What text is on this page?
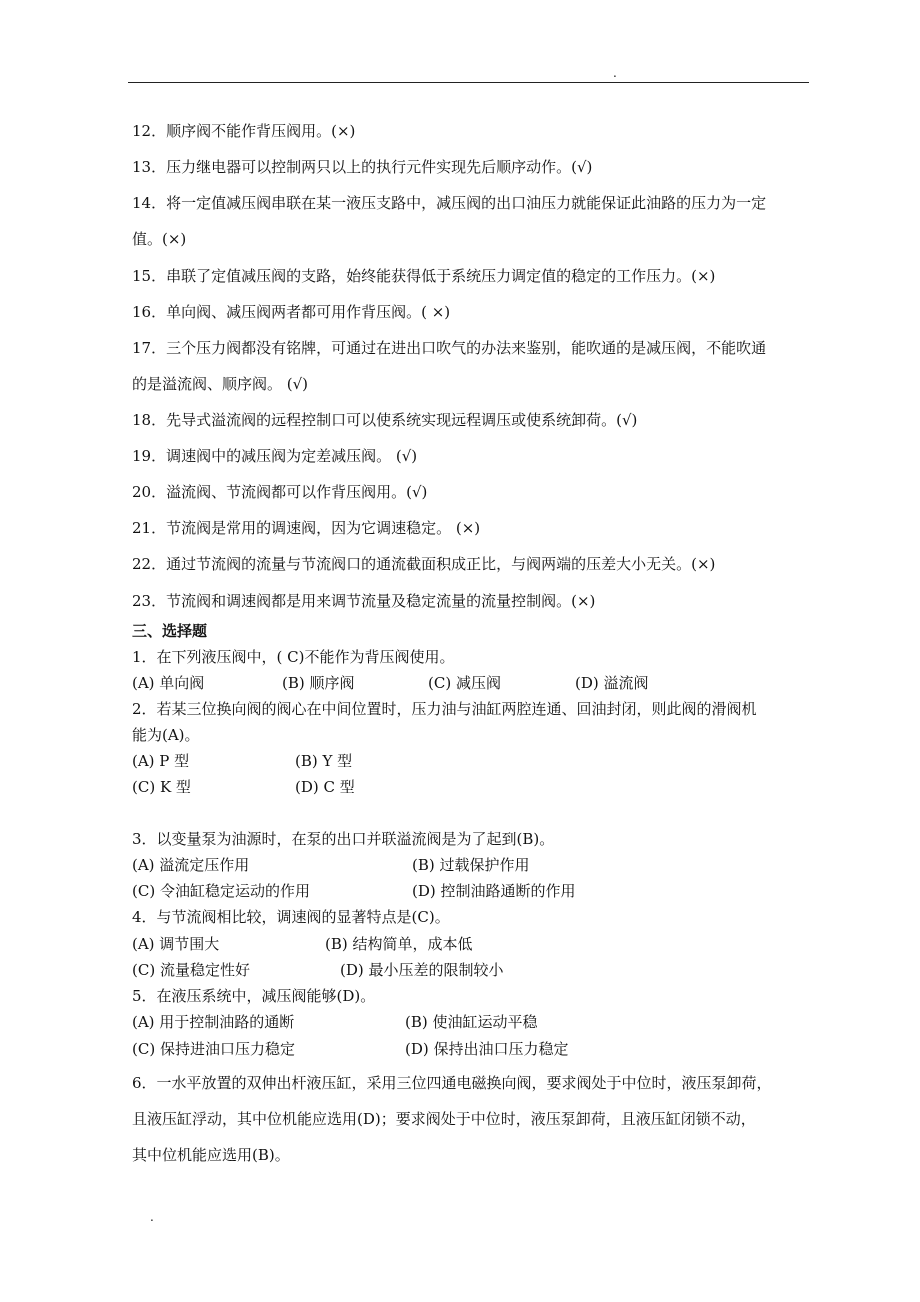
.
12．顺序阀不能作背压阀用。(×)
13．压力继电器可以控制两只以上的执行元件实现先后顺序动作。(√)
14．将一定值减压阀串联在某一液压支路中，减压阀的出口油压力就能保证此油路的压力为一定
值。(×)
15．串联了定值减压阀的支路，始终能获得低于系统压力调定值的稳定的工作压力。(×)
16．单向阀、减压阀两者都可用作背压阀。( ×)
17．三个压力阀都没有铭牌，可通过在进出口吹气的办法来鉴别，能吹通的是减压阀，不能吹通
的是溢流阀、顺序阀。 (√)
18．先导式溢流阀的远程控制口可以使系统实现远程调压或使系统卸荷。(√)
19．调速阀中的减压阀为定差减压阀。 (√)
20．溢流阀、节流阀都可以作背压阀用。(√)
21．节流阀是常用的调速阀，因为它调速稳定。 (×)
22．通过节流阀的流量与节流阀口的通流截面积成正比，与阀两端的压差大小无关。(×)
23．节流阀和调速阀都是用来调节流量及稳定流量的流量控制阀。(×)
三、选择题
1．在下列液压阀中，( C)不能作为背压阀使用。
(A) 单向阀	(B) 顺序阀	(C) 减压阀	(D) 溢流阀
2．若某三位换向阀的阀心在中间位置时，压力油与油缸两腔连通、回油封闭，则此阀的滑阀机
能为(A)。
(A) P 型	(B) Y 型
(C) K 型	(D) C 型
3．以变量泵为油源时，在泵的出口并联溢流阀是为了起到(B)。
(A) 溢流定压作用	(B) 过载保护作用
(C) 令油缸稳定运动的作用	(D) 控制油路通断的作用
4．与节流阀相比较，调速阀的显著特点是(C)。
(A) 调节围大	(B) 结构简单，成本低
(C) 流量稳定性好	(D) 最小压差的限制较小
5．在液压系统中，减压阀能够(D)。
(A) 用于控制油路的通断	(B) 使油缸运动平稳
(C) 保持进油口压力稳定	(D) 保持出油口压力稳定
6．一水平放置的双伸出杆液压缸，采用三位四通电磁换向阀，要求阀处于中位时，液压泵卸荷，
且液压缸浮动，其中位机能应选用(D)；要求阀处于中位时，液压泵卸荷，且液压缸闭锁不动，
其中位机能应选用(B)。
.
